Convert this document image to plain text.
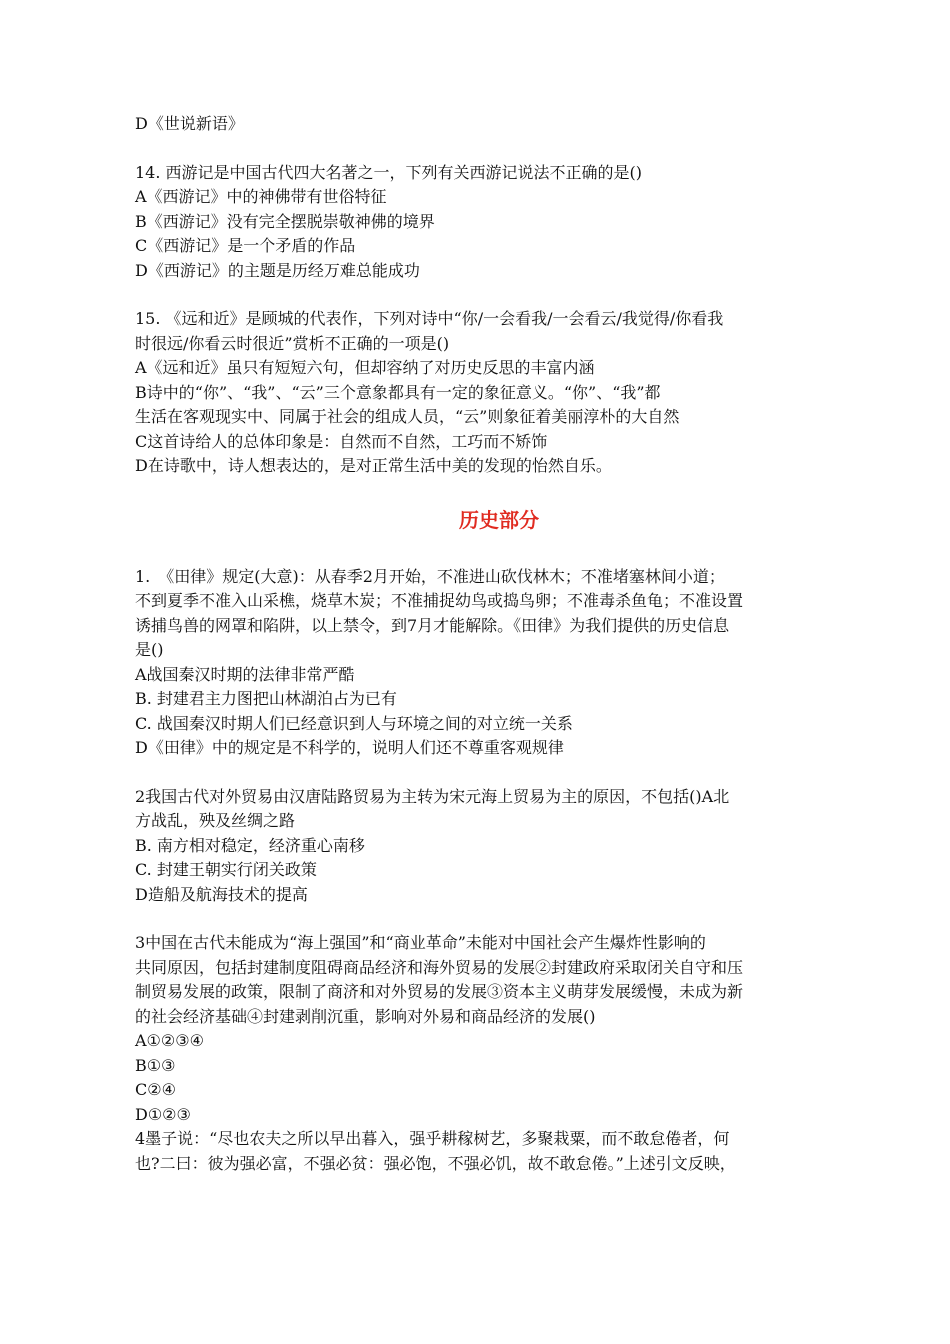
D《世说新语》

14. 西游记是中国古代四大名著之一，下列有关西游记说法不正确的是()

A《西游记》中的神佛带有世俗特征

B《西游记》没有完全摆脱崇敬神佛的境界

C《西游记》是一个矛盾的作品

D《西游记》的主题是历经万难总能成功

15. 《远和近》是顾城的代表作，下列对诗中“你/一会看我/一会看云/我觉得/你看我

时很远/你看云时很近”赏析不正确的一项是()

A《远和近》虽只有短短六句，但却容纳了对历史反思的丰富内涵

B诗中的“你”、“我”、“云”三个意象都具有一定的象征意义。“你”、“我”都

生活在客观现实中、同属于社会的组成人员，“云”则象征着美丽淳朴的大自然

C这首诗给人的总体印象是：自然而不自然，工巧而不矫饰

D在诗歌中，诗人想表达的，是对正常生活中美的发现的怡然自乐。

历史部分

1.　《田律》规定(大意)：从春季2月开始，不准进山砍伐林木；不准堵塞林间小道；

不到夏季不准入山采樵，烧草木炭；不准捕捉幼鸟或捣鸟卵；不准毒杀鱼龟；不准设置

诱捕鸟兽的网罩和陷阱，以上禁令，到7月才能解除。《田律》为我们提供的历史信息

是()

A战国秦汉时期的法律非常严酷

B. 封建君主力图把山林湖泊占为已有

C. 战国秦汉时期人们已经意识到人与环境之间的对立统一关系

D《田律》中的规定是不科学的，说明人们还不尊重客观规律

2我国古代对外贸易由汉唐陆路贸易为主转为宋元海上贸易为主的原因，不包括()A北

方战乱，殃及丝绸之路

B. 南方相对稳定，经济重心南移

C. 封建王朝实行闭关政策

D造船及航海技术的提高

3中国在古代未能成为“海上强国”和“商业革命”未能对中国社会产生爆炸性影响的

共同原因，包括封建制度阻碍商品经济和海外贸易的发展②封建政府采取闭关自守和压

制贸易发展的政策，限制了商济和对外贸易的发展③资本主义萌芽发展缓慢，未成为新

的社会经济基础④封建剥削沉重，影响对外易和商品经济的发展()

A①②③④

B①③

C②④

D①②③

4墨子说：“尽也农夫之所以早出暮入，强乎耕稼树艺，多聚栽粟，而不敢怠倦者，何

也?二曰：彼为强必富，不强必贫：强必饱，不强必饥，故不敢怠倦。”上述引文反映，
